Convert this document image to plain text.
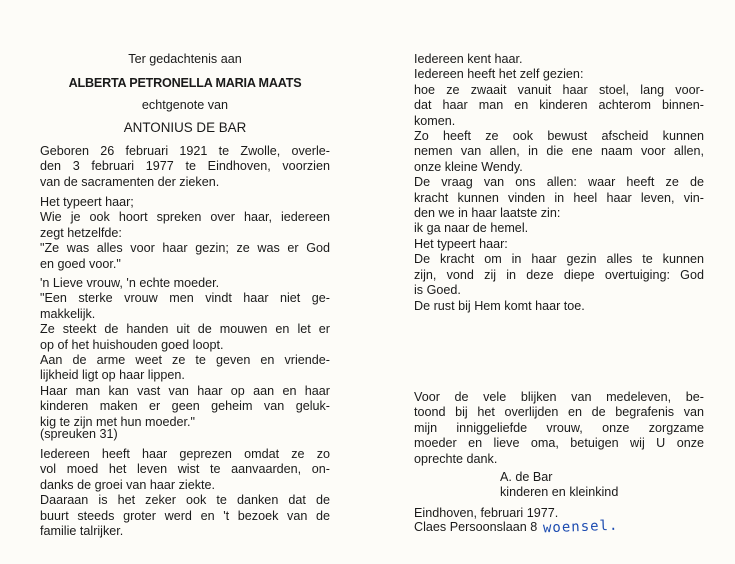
Ter gedachtenis aan
ALBERTA PETRONELLA MARIA MAATS
echtgenote van
ANTONIUS DE BAR
Geboren 26 februari 1921 te Zwolle, overle-
den 3 februari 1977 te Eindhoven, voorzien
van de sacramenten der zieken.
Het typeert haar;
Wie je ook hoort spreken over haar, iedereen
zegt hetzelfde:
"Ze was alles voor haar gezin; ze was er God
en goed voor."
'n Lieve vrouw, 'n echte moeder.
"Een sterke vrouw men vindt haar niet ge-
makkelijk.
Ze steekt de handen uit de mouwen en let er
op of het huishouden goed loopt.
Aan de arme weet ze te geven en vriende-
lijkheid ligt op haar lippen.
Haar man kan vast van haar op aan en haar
kinderen maken er geen geheim van geluk-
kig te zijn met hun moeder."
(spreuken 31)
Iedereen heeft haar geprezen omdat ze zo
vol moed het leven wist te aanvaarden, on-
danks de groei van haar ziekte.
Daaraan is het zeker ook te danken dat de
buurt steeds groter werd en 't bezoek van de
familie talrijker.
Iedereen kent haar.
Iedereen heeft het zelf gezien:
hoe ze zwaait vanuit haar stoel, lang voor-
dat haar man en kinderen achterom binnen-
komen.
Zo heeft ze ook bewust afscheid kunnen
nemen van allen, in die ene naam voor allen,
onze kleine Wendy.
De vraag van ons allen: waar heeft ze de
kracht kunnen vinden in heel haar leven, vin-
den we in haar laatste zin:
ik ga naar de hemel.
Het typeert haar:
De kracht om in haar gezin alles te kunnen
zijn, vond zij in deze diepe overtuiging: God
is Goed.
De rust bij Hem komt haar toe.
Voor de vele blijken van medeleven, be-
toond bij het overlijden en de begrafenis van
mijn inniggeliefde vrouw, onze zorgzame
moeder en lieve oma, betuigen wij U onze
oprechte dank.
A. de Bar
kinderen en kleinkind
Eindhoven, februari 1977.
Claes Persoonslaan 8 woensel.
